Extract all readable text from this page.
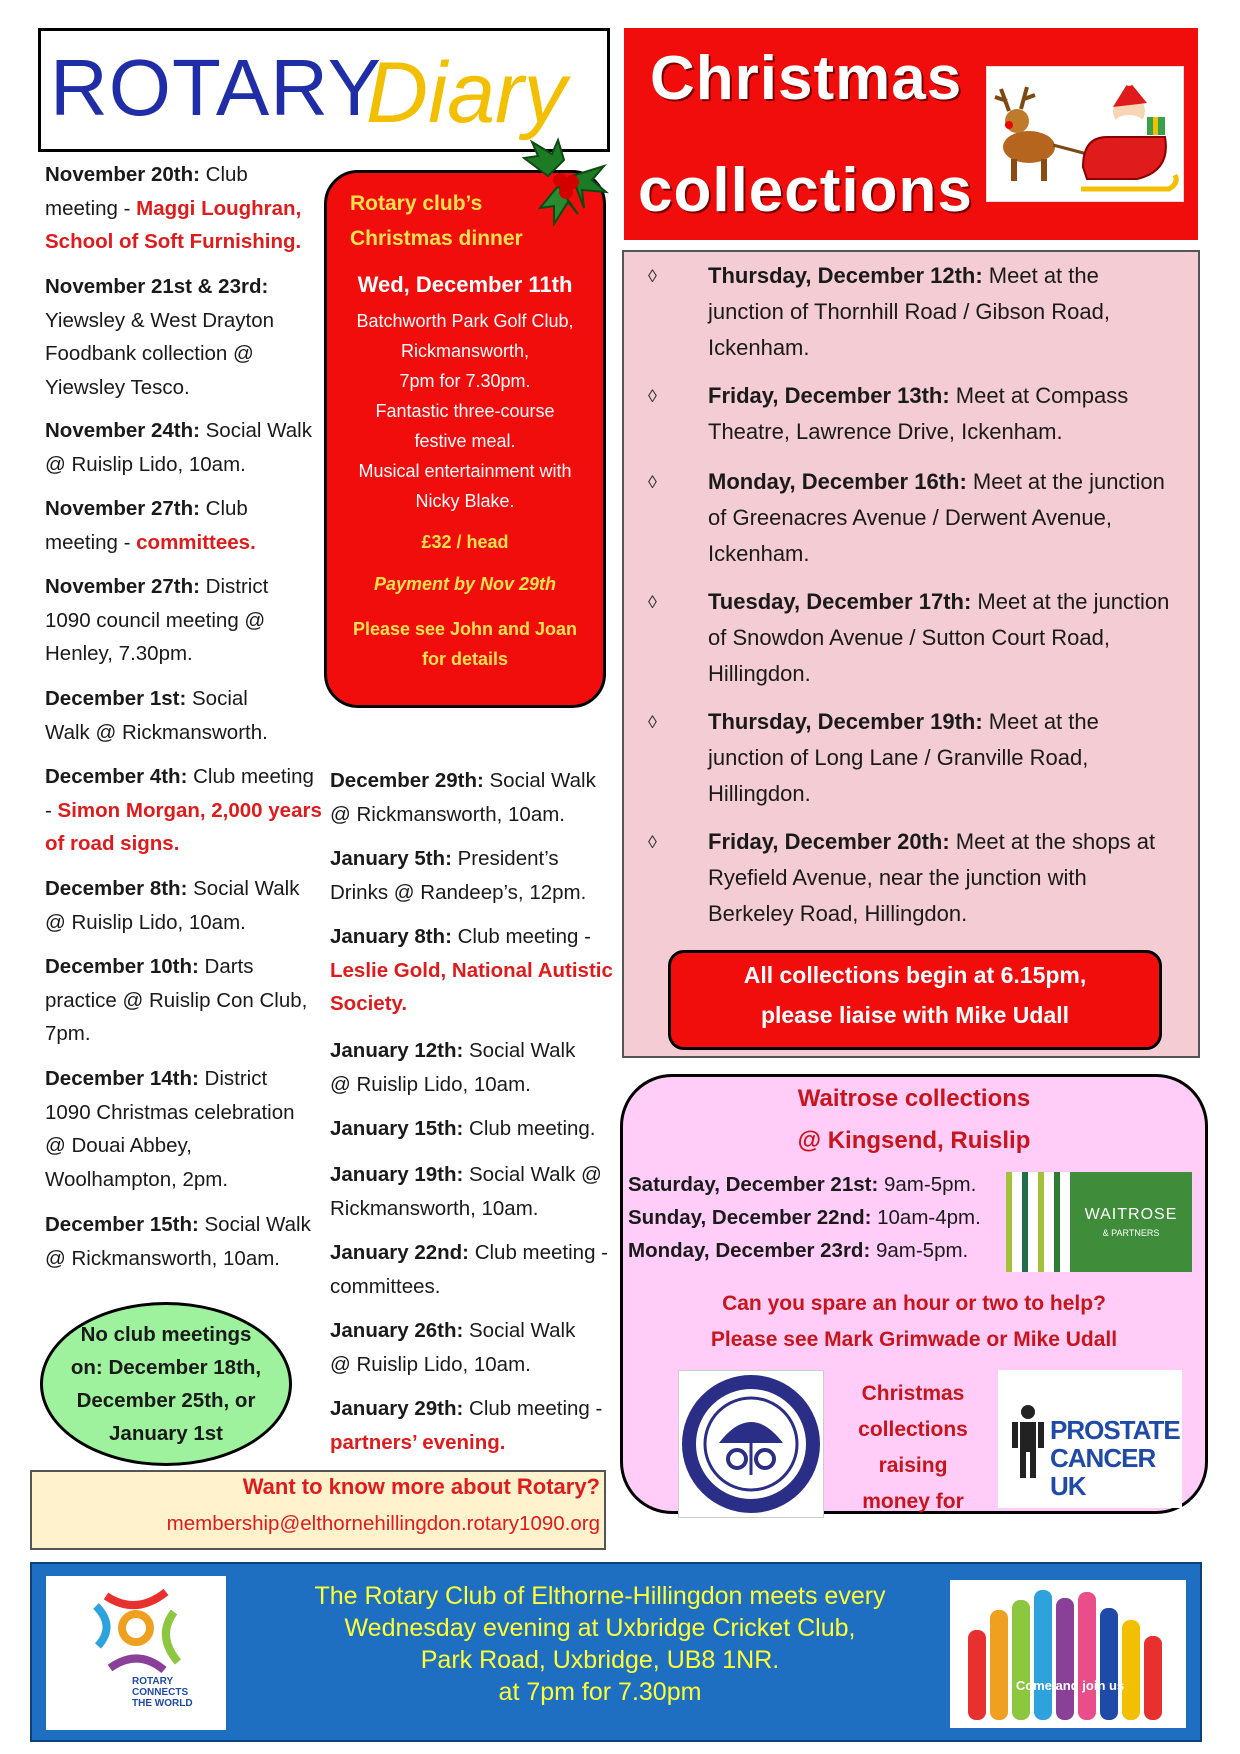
ROTARY
Diary
November 20th: Club meeting - Maggi Loughran, School of Soft Furnishing.
November 21st & 23rd: Yiewsley & West Drayton Foodbank collection @ Yiewsley Tesco.
November 24th: Social Walk @ Ruislip Lido, 10am.
November 27th: Club meeting - committees.
November 27th: District 1090 council meeting @ Henley, 7.30pm.
December 1st: Social Walk @ Rickmansworth.
December 4th: Club meeting - Simon Morgan, 2,000 years of road signs.
December 8th: Social Walk @ Ruislip Lido, 10am.
December 10th: Darts practice @ Ruislip Con Club, 7pm.
December 14th: District 1090 Christmas celebration @ Douai Abbey, Woolhampton, 2pm.
December 15th: Social Walk @ Rickmansworth, 10am.
December 29th: Social Walk @ Rickmansworth, 10am.
January 5th: President’s Drinks @ Randeep’s, 12pm.
January 8th: Club meeting - Leslie Gold, National Autistic Society.
January 12th: Social Walk @ Ruislip Lido, 10am.
January 15th: Club meeting.
January 19th: Social Walk @ Rickmansworth, 10am.
January 22nd: Club meeting - committees.
January 26th: Social Walk @ Ruislip Lido, 10am.
January 29th: Club meeting - partners’ evening.
Rotary club’s
Christmas dinner
Wed, December 11th
Batchworth Park Golf Club,
Rickmansworth,
7pm for 7.30pm.
Fantastic three-course
festive meal.
Musical entertainment with
Nicky Blake.
£32 / head
Payment by Nov 29th
Please see John and Joan
for details
No club meetings
on: December 18th,
December 25th, or
January 1st
Want to know more about Rotary?
membership@elthornehillingdon.rotary1090.org
Christmas
collections
◊ Thursday, December 12th: Meet at the junction of Thornhill Road / Gibson Road, Ickenham.
◊ Friday, December 13th: Meet at Compass Theatre, Lawrence Drive, Ickenham.
◊ Monday, December 16th: Meet at the junction of Greenacres Avenue / Derwent Avenue, Ickenham.
◊ Tuesday, December 17th: Meet at the junction of Snowdon Avenue / Sutton Court Road, Hillingdon.
◊ Thursday, December 19th: Meet at the junction of Long Lane / Granville Road, Hillingdon.
◊ Friday, December 20th: Meet at the shops at Ryefield Avenue, near the junction with Berkeley Road, Hillingdon.
All collections begin at 6.15pm,
please liaise with Mike Udall
Waitrose collections
@ Kingsend, Ruislip
Saturday, December 21st: 9am-5pm.
Sunday, December 22nd: 10am-4pm.
Monday, December 23rd: 9am-5pm.
WAITROSE
& PARTNERS
Can you spare an hour or two to help?
Please see Mark Grimwade or Mike Udall
Christmas
collections
raising
money for
PROSTATE
CANCER UK
ROTARY
CONNECTS
THE WORLD
The Rotary Club of Elthorne-Hillingdon meets every
Wednesday evening at Uxbridge Cricket Club,
Park Road, Uxbridge, UB8 1NR.
at 7pm for 7.30pm	Come and join us
